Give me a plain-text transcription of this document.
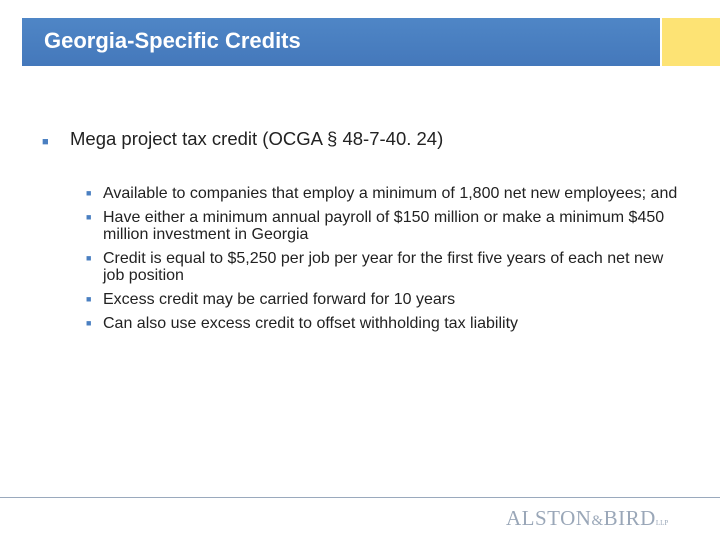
Georgia-Specific Credits
■	Mega project tax credit (OCGA § 48-7-40. 24)
■ Available to companies that employ a minimum of 1,800 net new employees; and
■ Have either a minimum annual payroll of $150 million or make a minimum $450 million investment in Georgia
■ Credit is equal to $5,250 per job per year for the first five years of each net new job position
■ Excess credit may be carried forward for 10 years
■ Can also use excess credit to offset withholding tax liability
ALSTON&BIRDLLP
